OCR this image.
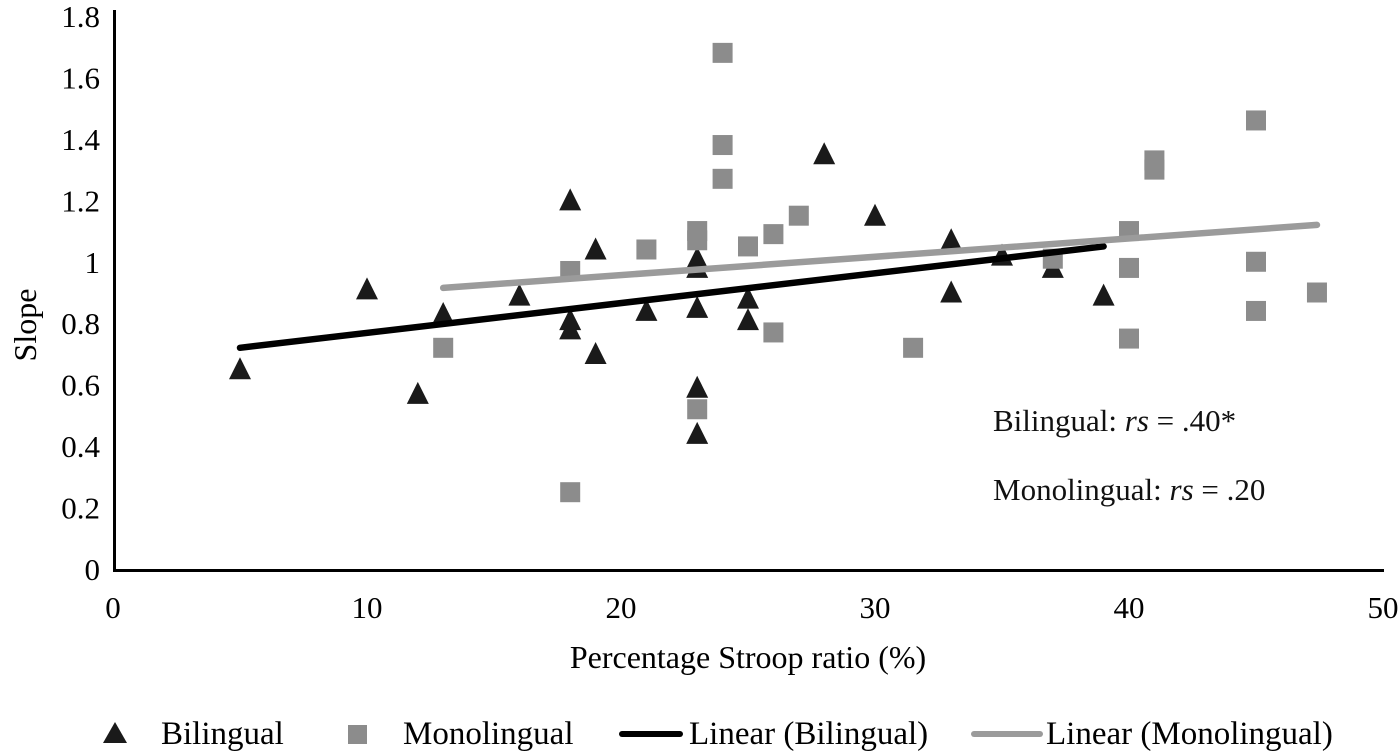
0
0.2
0.4
0.6
0.8
1
1.2
1.4
1.6
1.8
0	10	20	30	40	50
Slope
Percentage Stroop ratio (%)
Bilingual: rs = .40*
Monolingual: rs = .20
Bilingual	Monolingual	Linear (Bilingual)	Linear (Monolingual)
